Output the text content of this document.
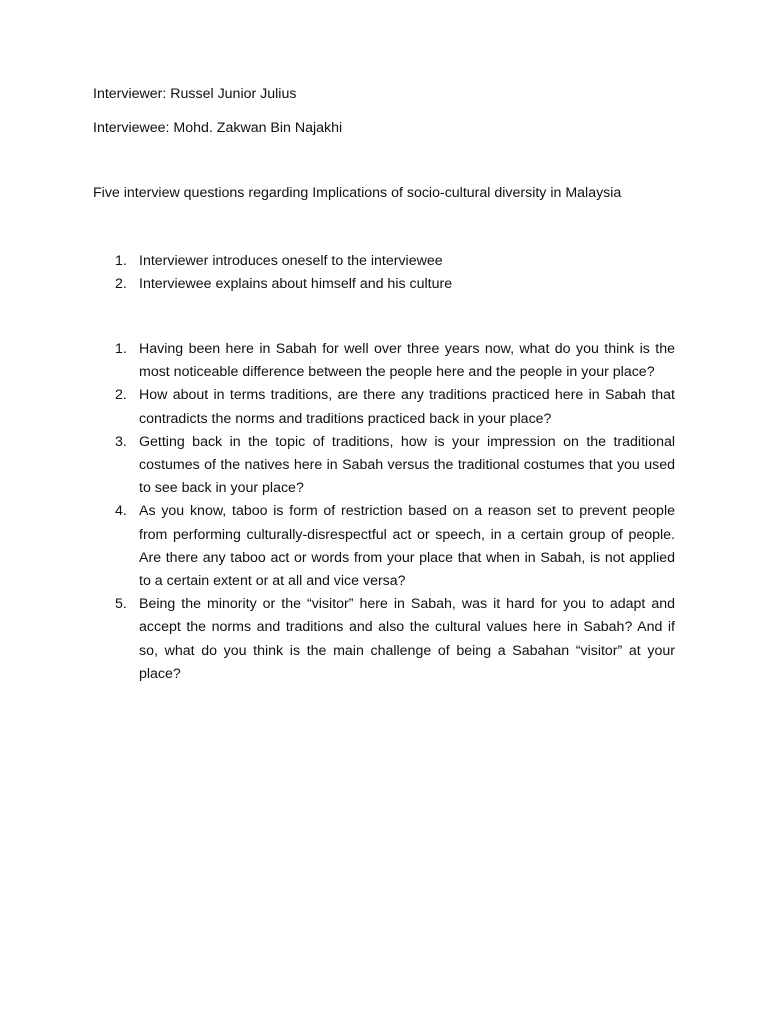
Interviewer: Russel Junior Julius
Interviewee: Mohd. Zakwan Bin Najakhi
Five interview questions regarding Implications of socio-cultural diversity in Malaysia
1. Interviewer introduces oneself to the interviewee
2. Interviewee explains about himself and his culture
1. Having been here in Sabah for well over three years now, what do you think is the most noticeable difference between the people here and the people in your place?
2. How about in terms traditions, are there any traditions practiced here in Sabah that contradicts the norms and traditions practiced back in your place?
3. Getting back in the topic of traditions, how is your impression on the traditional costumes of the natives here in Sabah versus the traditional costumes that you used to see back in your place?
4. As you know, taboo is form of restriction based on a reason set to prevent people from performing culturally-disrespectful act or speech, in a certain group of people. Are there any taboo act or words from your place that when in Sabah, is not applied to a certain extent or at all and vice versa?
5. Being the minority or the “visitor” here in Sabah, was it hard for you to adapt and accept the norms and traditions and also the cultural values here in Sabah? And if so, what do you think is the main challenge of being a Sabahan “visitor” at your place?
